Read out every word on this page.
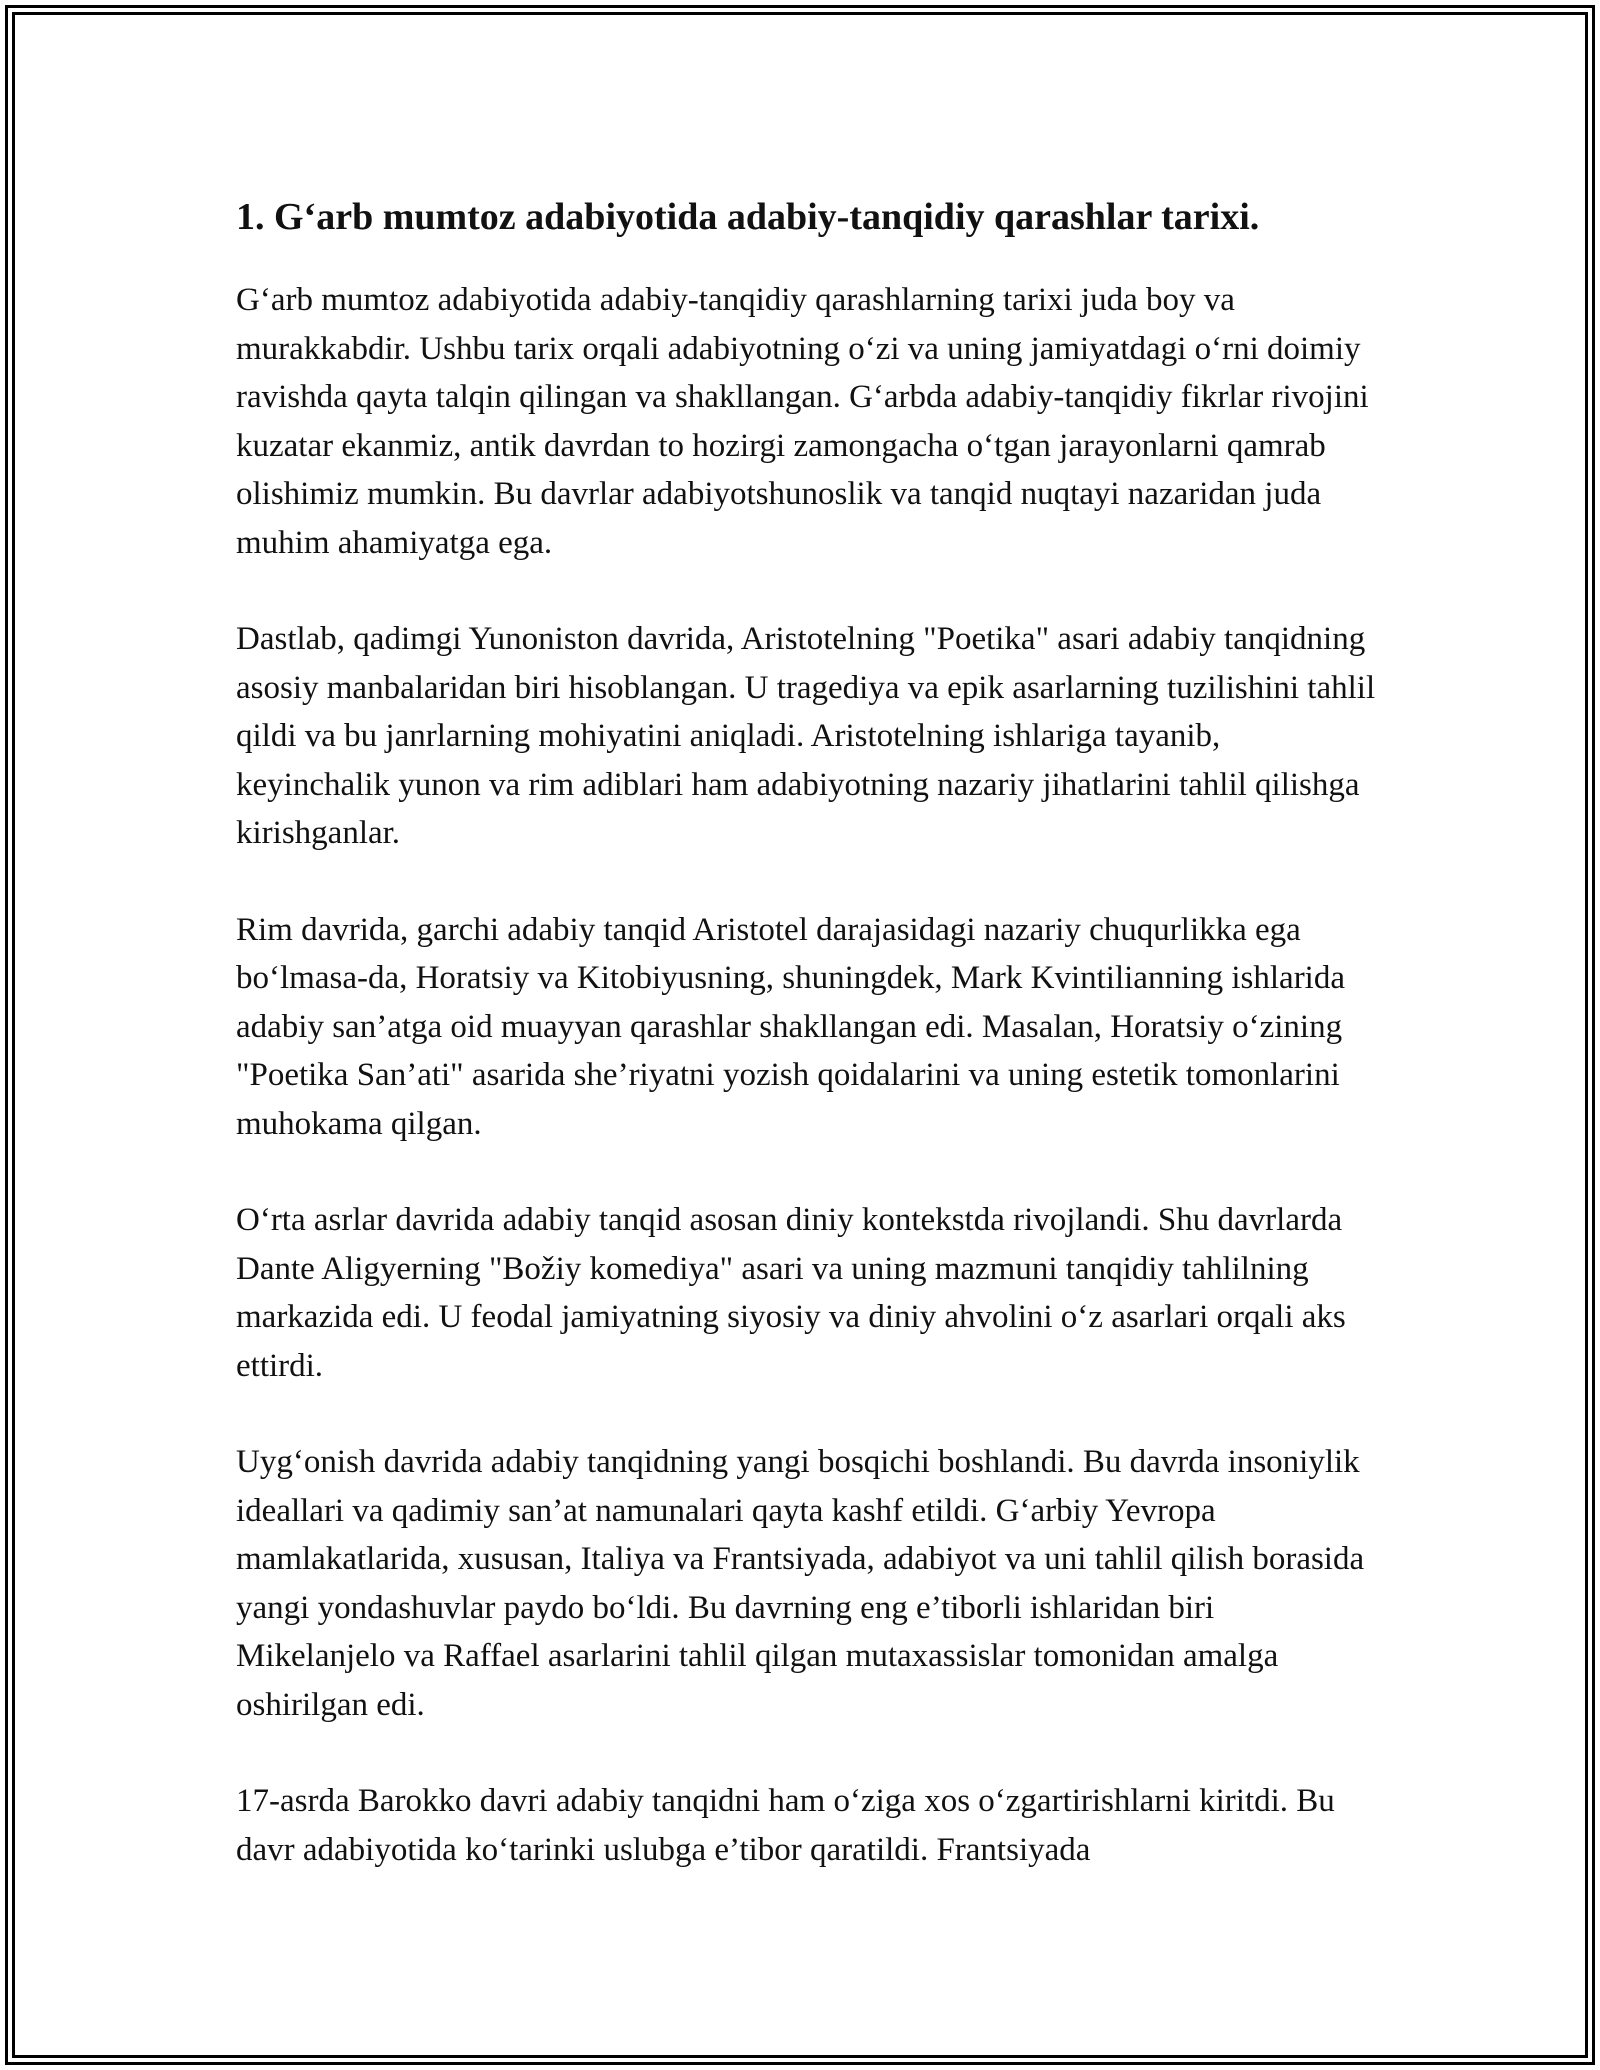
1. G‘arb mumtoz adabiyotida adabiy-tanqidiy qarashlar tarixi.

G‘arb mumtoz adabiyotida adabiy-tanqidiy qarashlarning tarixi juda boy va murakkabdir. Ushbu tarix orqali adabiyotning o‘zi va uning jamiyatdagi o‘rni doimiy ravishda qayta talqin qilingan va shakllangan. G‘arbda adabiy-tanqidiy fikrlar rivojini kuzatar ekanmiz, antik davrdan to hozirgi zamongacha o‘tgan jarayonlarni qamrab olishimiz mumkin. Bu davrlar adabiyotshunoslik va tanqid nuqtayi nazaridan juda muhim ahamiyatga ega.

Dastlab, qadimgi Yunoniston davrida, Aristotelning "Poetika" asari adabiy tanqidning asosiy manbalaridan biri hisoblangan. U tragediya va epik asarlarning tuzilishini tahlil qildi va bu janrlarning mohiyatini aniqladi. Aristotelning ishlariga tayanib, keyinchalik yunon va rim adiblari ham adabiyotning nazariy jihatlarini tahlil qilishga kirishganlar.

Rim davrida, garchi adabiy tanqid Aristotel darajasidagi nazariy chuqurlikka ega bo‘lmasa-da, Horatsiy va Kitobiyusning, shuningdek, Mark Kvintilianning ishlarida adabiy san’atga oid muayyan qarashlar shakllangan edi. Masalan, Horatsiy o‘zining "Poetika San’ati" asarida she’riyatni yozish qoidalarini va uning estetik tomonlarini muhokama qilgan.

O‘rta asrlar davrida adabiy tanqid asosan diniy kontekstda rivojlandi. Shu davrlarda Dante Aligyerning "Božiy komediya" asari va uning mazmuni tanqidiy tahlilning markazida edi. U feodal jamiyatning siyosiy va diniy ahvolini o‘z asarlari orqali aks ettirdi.

Uyg‘onish davrida adabiy tanqidning yangi bosqichi boshlandi. Bu davrda insoniylik ideallari va qadimiy san’at namunalari qayta kashf etildi. G‘arbiy Yevropa mamlakatlarida, xususan, Italiya va Frantsiyada, adabiyot va uni tahlil qilish borasida yangi yondashuvlar paydo bo‘ldi. Bu davrning eng e’tiborli ishlaridan biri Mikelanjelo va Raffael asarlarini tahlil qilgan mutaxassislar tomonidan amalga oshirilgan edi.

17-asrda Barokko davri adabiy tanqidni ham o‘ziga xos o‘zgartirishlarni kiritdi. Bu davr adabiyotida ko‘tarinki uslubga e’tibor qaratildi. Frantsiyada
